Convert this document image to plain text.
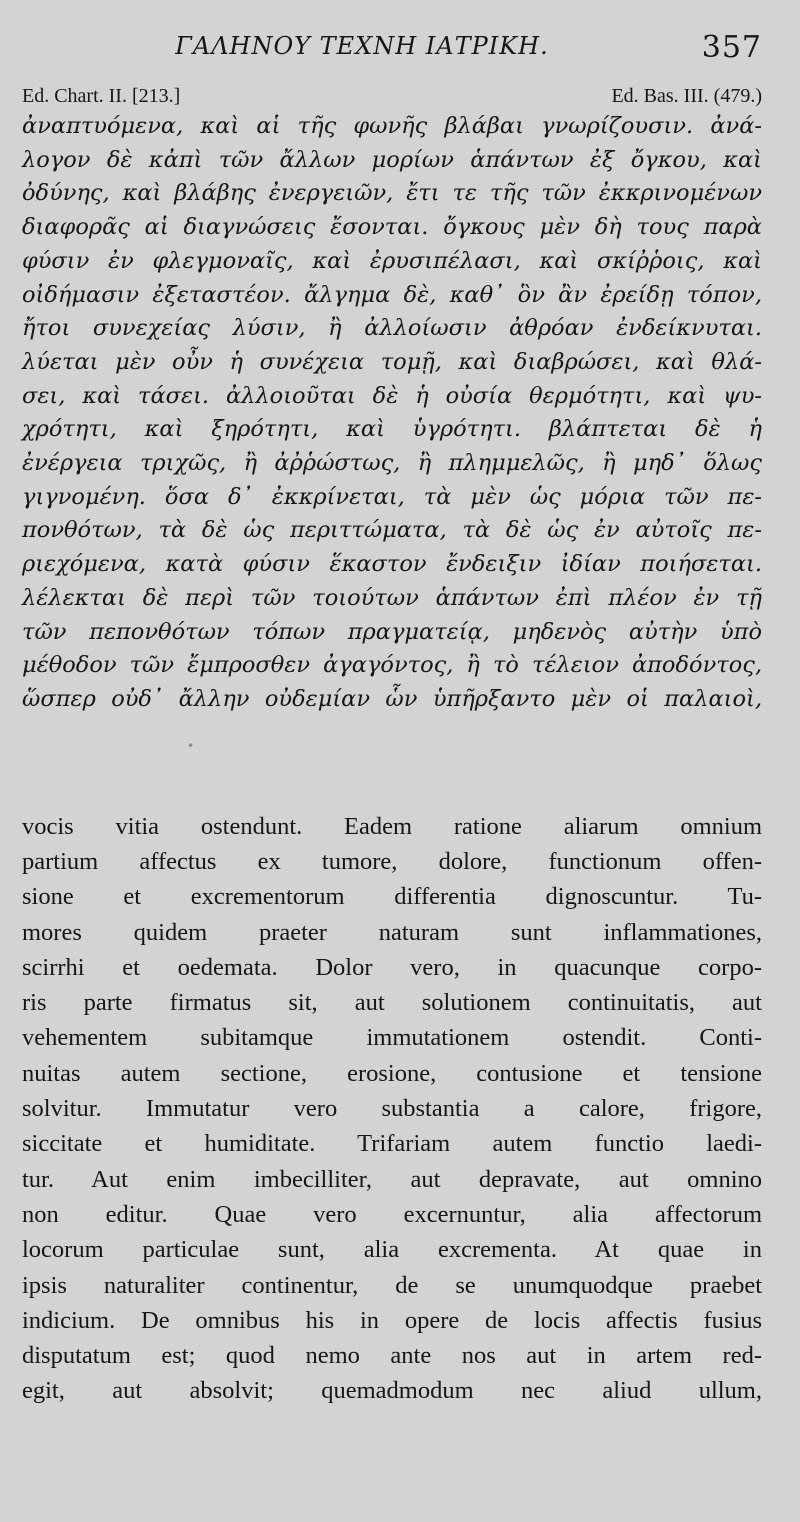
ΓΑΛΗΝΟΥ ΤΕΧΝΗ ΙΑΤΡΙΚΗ.	357
Ed. Chart. II. [213.]	Ed. Bas. III. (479.)
ἀναπτυόμενα, καὶ αἱ τῆς φωνῆς βλάβαι γνωρίζουσιν. ἀνά-
λογον δὲ κἀπὶ τῶν ἄλλων μορίων ἁπάντων ἐξ ὄγκου, καὶ
ὀδύνης, καὶ βλάβης ἐνεργειῶν, ἔτι τε τῆς τῶν ἐκκρινομένων
διαφορᾶς αἱ διαγνώσεις ἔσονται. ὄγκους μὲν δὴ τους παρὰ
φύσιν ἐν φλεγμοναῖς, καὶ ἐρυσιπέλασι, καὶ σκίῤῥοις, καὶ
οἰδήμασιν ἐξεταστέον. ἄλγημα δὲ, καθ᾽ ὃν ἂν ἐρείδῃ τόπον,
ἤτοι συνεχείας λύσιν, ἢ ἀλλοίωσιν ἀθρόαν ἐνδείκνυται.
λύεται μὲν οὖν ἡ συνέχεια τομῇ, καὶ διαβρώσει, καὶ θλά-
σει, καὶ τάσει. ἀλλοιοῦται δὲ ἡ οὐσία θερμότητι, καὶ ψυ-
χρότητι, καὶ ξηρότητι, καὶ ὑγρότητι. βλάπτεται δὲ ἡ
ἐνέργεια τριχῶς, ἢ ἀῤῥώστως, ἢ πλημμελῶς, ἢ μηδ᾽ ὅλως
γιγνομένη. ὅσα δ᾽ ἐκκρίνεται, τὰ μὲν ὡς μόρια τῶν πε-
πονθότων, τὰ δὲ ὡς περιττώματα, τὰ δὲ ὡς ἐν αὐτοῖς πε-
ριεχόμενα, κατὰ φύσιν ἕκαστον ἔνδειξιν ἰδίαν ποιήσεται.
λέλεκται δὲ περὶ τῶν τοιούτων ἁπάντων ἐπὶ πλέον ἐν τῇ
τῶν πεπονθότων τόπων πραγματείᾳ, μηδενὸς αὐτὴν ὑπὸ
μέθοδον τῶν ἔμπροσθεν ἀγαγόντος, ἢ τὸ τέλειον ἀποδόντος,
ὥσπερ οὐδ᾽ ἄλλην οὐδεμίαν ὧν ὑπῆρξαντο μὲν οἱ παλαιοὶ,
•
vocis vitia ostendunt. Eadem ratione aliarum omnium
partium affectus ex tumore, dolore, functionum offen-
sione et excrementorum differentia dignoscuntur. Tu-
mores quidem praeter naturam sunt inflammationes,
scirrhi et oedemata. Dolor vero, in quacunque corpo-
ris parte firmatus sit, aut solutionem continuitatis, aut
vehementem subitamque immutationem ostendit. Conti-
nuitas autem sectione, erosione, contusione et tensione
solvitur. Immutatur vero substantia a calore, frigore,
siccitate et humiditate. Trifariam autem functio laedi-
tur. Aut enim imbecilliter, aut depravate, aut omnino
non editur. Quae vero excernuntur, alia affectorum
locorum particulae sunt, alia excrementa. At quae in
ipsis naturaliter continentur, de se unumquodque praebet
indicium. De omnibus his in opere de locis affectis fusius
disputatum est; quod nemo ante nos aut in artem red-
egit, aut absolvit; quemadmodum nec aliud ullum,
